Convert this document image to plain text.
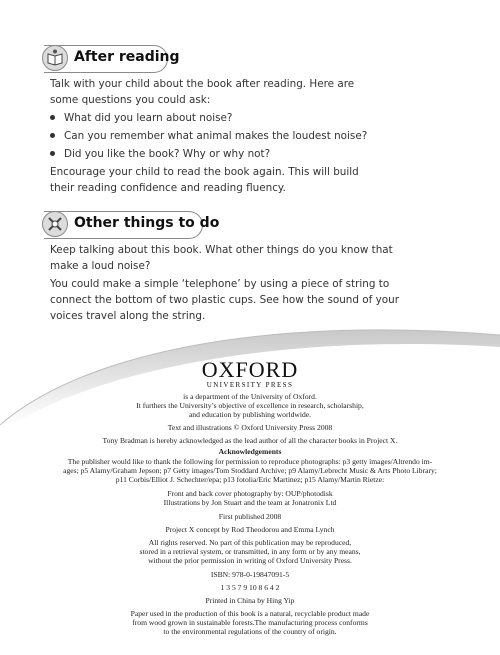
After reading

Talk with your child about the book after reading. Here are
some questions you could ask:

What did you learn about noise?
Can you remember what animal makes the loudest noise?
Did you like the book? Why or why not?

Encourage your child to read the book again. This will build
their reading confidence and reading fluency.

Other things to do

Keep talking about this book. What other things do you know that
make a loud noise?

You could make a simple ‘telephone’ by using a piece of string to
connect the bottom of two plastic cups. See how the sound of your
voices travel along the string.

OXFORD
UNIVERSITY PRESS
is a department of the University of Oxford.
It furthers the University’s objective of excellence in research, scholarship,
and education by publishing worldwide.
Text and illustrations © Oxford University Press 2008
Tony Bradman is hereby acknowledged as the lead author of all the character books in Project X.
Acknowledgements
The publisher would like to thank the following for permission to reproduce photographs: p3 getty images/Altrendo im-
ages; p5 Alamy/Graham Jepson; p7 Getty images/Tom Stoddard Archive; p9 Alamy/Lebrecht Music & Arts Photo Library;
p11 Corbis/Elliot J. Schechter/epa; p13 fotolia/Eric Martinez; p15 Alamy/Martin Rietze:
Front and back cover photography by: OUP/photodisk
Illustrations by Jon Stuart and the team at Jonatronix Ltd
First published 2008
Project X concept by Rod Theodorou and Emma Lynch
All rights reserved. No part of this publication may be reproduced,
stored in a retrieval system, or transmitted, in any form or by any means,
without the prior permission in writing of Oxford University Press.
ISBN: 978-0-19847091-5
1 3 5 7 9 10 8 6 4 2
Printed in China by Hing Yip
Paper used in the production of this book is a natural, recyclable product made
from wood grown in sustainable forests.The manufacturing process conforms
to the environmental regulations of the country of origin.
